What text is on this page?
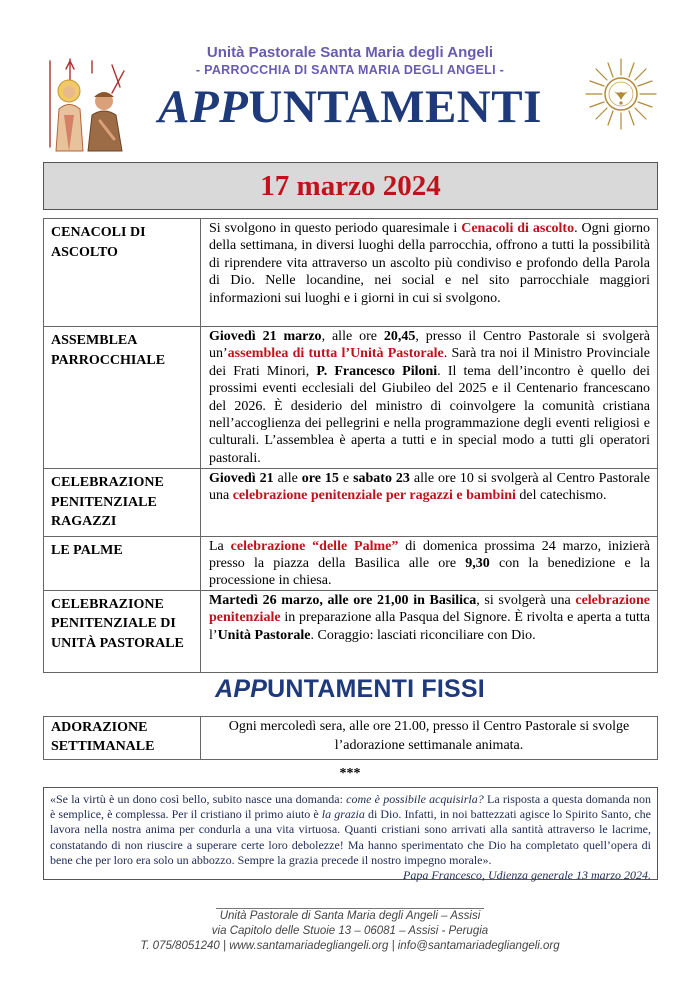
Unità Pastorale Santa Maria degli Angeli
- PARROCCHIA DI SANTA MARIA DEGLI ANGELI -
APPUNTAMENTI
17 marzo 2024
CENACOLI DI ASCOLTO	Si svolgono in questo periodo quaresimale i Cenacoli di ascolto. Ogni giorno della settimana, in diversi luoghi della parrocchia, offrono a tutti la possibilità di riprendere vita attraverso un ascolto più condiviso e profondo della Parola di Dio. Nelle locandine, nei social e nel sito parrocchiale maggiori informazioni sui luoghi e i giorni in cui si svolgono.
ASSEMBLEA PARROCCHIALE	Giovedì 21 marzo, alle ore 20,45, presso il Centro Pastorale si svolgerà un’assemblea di tutta l’Unità Pastorale. Sarà tra noi il Ministro Provinciale dei Frati Minori, P. Francesco Piloni. Il tema dell’incontro è quello dei prossimi eventi ecclesiali del Giubileo del 2025 e il Centenario francescano del 2026. È desiderio del ministro di coinvolgere la comunità cristiana nell’accoglienza dei pellegrini e nella programmazione degli eventi religiosi e culturali. L’assemblea è aperta a tutti e in special modo a tutti gli operatori pastorali.
CELEBRAZIONE PENITENZIALE RAGAZZI	Giovedì 21 alle ore 15 e sabato 23 alle ore 10 si svolgerà al Centro Pastorale una celebrazione penitenziale per ragazzi e bambini del catechismo.
LE PALME	La celebrazione “delle Palme” di domenica prossima 24 marzo, inizierà presso la piazza della Basilica alle ore 9,30 con la benedizione e la processione in chiesa.
CELEBRAZIONE PENITENZIALE DI UNITÀ PASTORALE	Martedì 26 marzo, alle ore 21,00 in Basilica, si svolgerà una celebrazione penitenziale in preparazione alla Pasqua del Signore. È rivolta e aperta a tutta l’Unità Pastorale. Coraggio: lasciati riconciliare con Dio.
APPUNTAMENTI FISSI
ADORAZIONE SETTIMANALE	Ogni mercoledì sera, alle ore 21.00, presso il Centro Pastorale si svolge l’adorazione settimanale animata.
***
«Se la virtù è un dono così bello, subito nasce una domanda: come è possibile acquisirla? La risposta a questa domanda non è semplice, è complessa. Per il cristiano il primo aiuto è la grazia di Dio. Infatti, in noi battezzati agisce lo Spirito Santo, che lavora nella nostra anima per condurla a una vita virtuosa. Quanti cristiani sono arrivati alla santità attraverso le lacrime, constatando di non riuscire a superare certe loro debolezze! Ma hanno sperimentato che Dio ha completato quell’opera di bene che per loro era solo un abbozzo. Sempre la grazia precede il nostro impegno morale».
Papa Francesco, Udienza generale 13 marzo 2024.
Unità Pastorale di Santa Maria degli Angeli – Assisi
via Capitolo delle Stuoie 13 – 06081 – Assisi - Perugia
T. 075/8051240 | www.santamariadegliangeli.org | info@santamariadegliangeli.org
